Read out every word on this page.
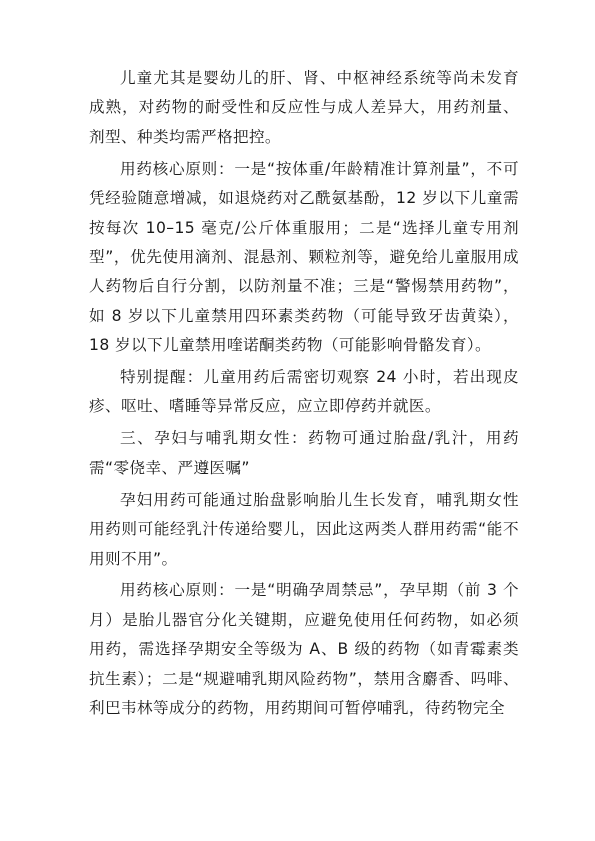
儿童尤其是婴幼儿的肝、肾、中枢神经系统等尚未发育成熟，对药物的耐受性和反应性与成人差异大，用药剂量、剂型、种类均需严格把控。

用药核心原则：一是“按体重/年龄精准计算剂量”，不可凭经验随意增减，如退烧药对乙酰氨基酚，12 岁以下儿童需按每次 10–15 毫克/公斤体重服用；二是“选择儿童专用剂型”，优先使用滴剂、混悬剂、颗粒剂等，避免给儿童服用成人药物后自行分割，以防剂量不准；三是“警惕禁用药物”，如 8 岁以下儿童禁用四环素类药物（可能导致牙齿黄染），18 岁以下儿童禁用喹诺酮类药物（可能影响骨骼发育）。

特别提醒：儿童用药后需密切观察 24 小时，若出现皮疹、呕吐、嗜睡等异常反应，应立即停药并就医。

三、孕妇与哺乳期女性：药物可通过胎盘/乳汁，用药需“零侥幸、严遵医嘱”

孕妇用药可能通过胎盘影响胎儿生长发育，哺乳期女性用药则可能经乳汁传递给婴儿，因此这两类人群用药需“能不用则不用”。

用药核心原则：一是“明确孕周禁忌”，孕早期（前 3 个月）是胎儿器官分化关键期，应避免使用任何药物，如必须用药，需选择孕期安全等级为 A、B 级的药物（如青霉素类抗生素）；二是“规避哺乳期风险药物”，禁用含麝香、吗啡、利巴韦林等成分的药物，用药期间可暂停哺乳，待药物完全
